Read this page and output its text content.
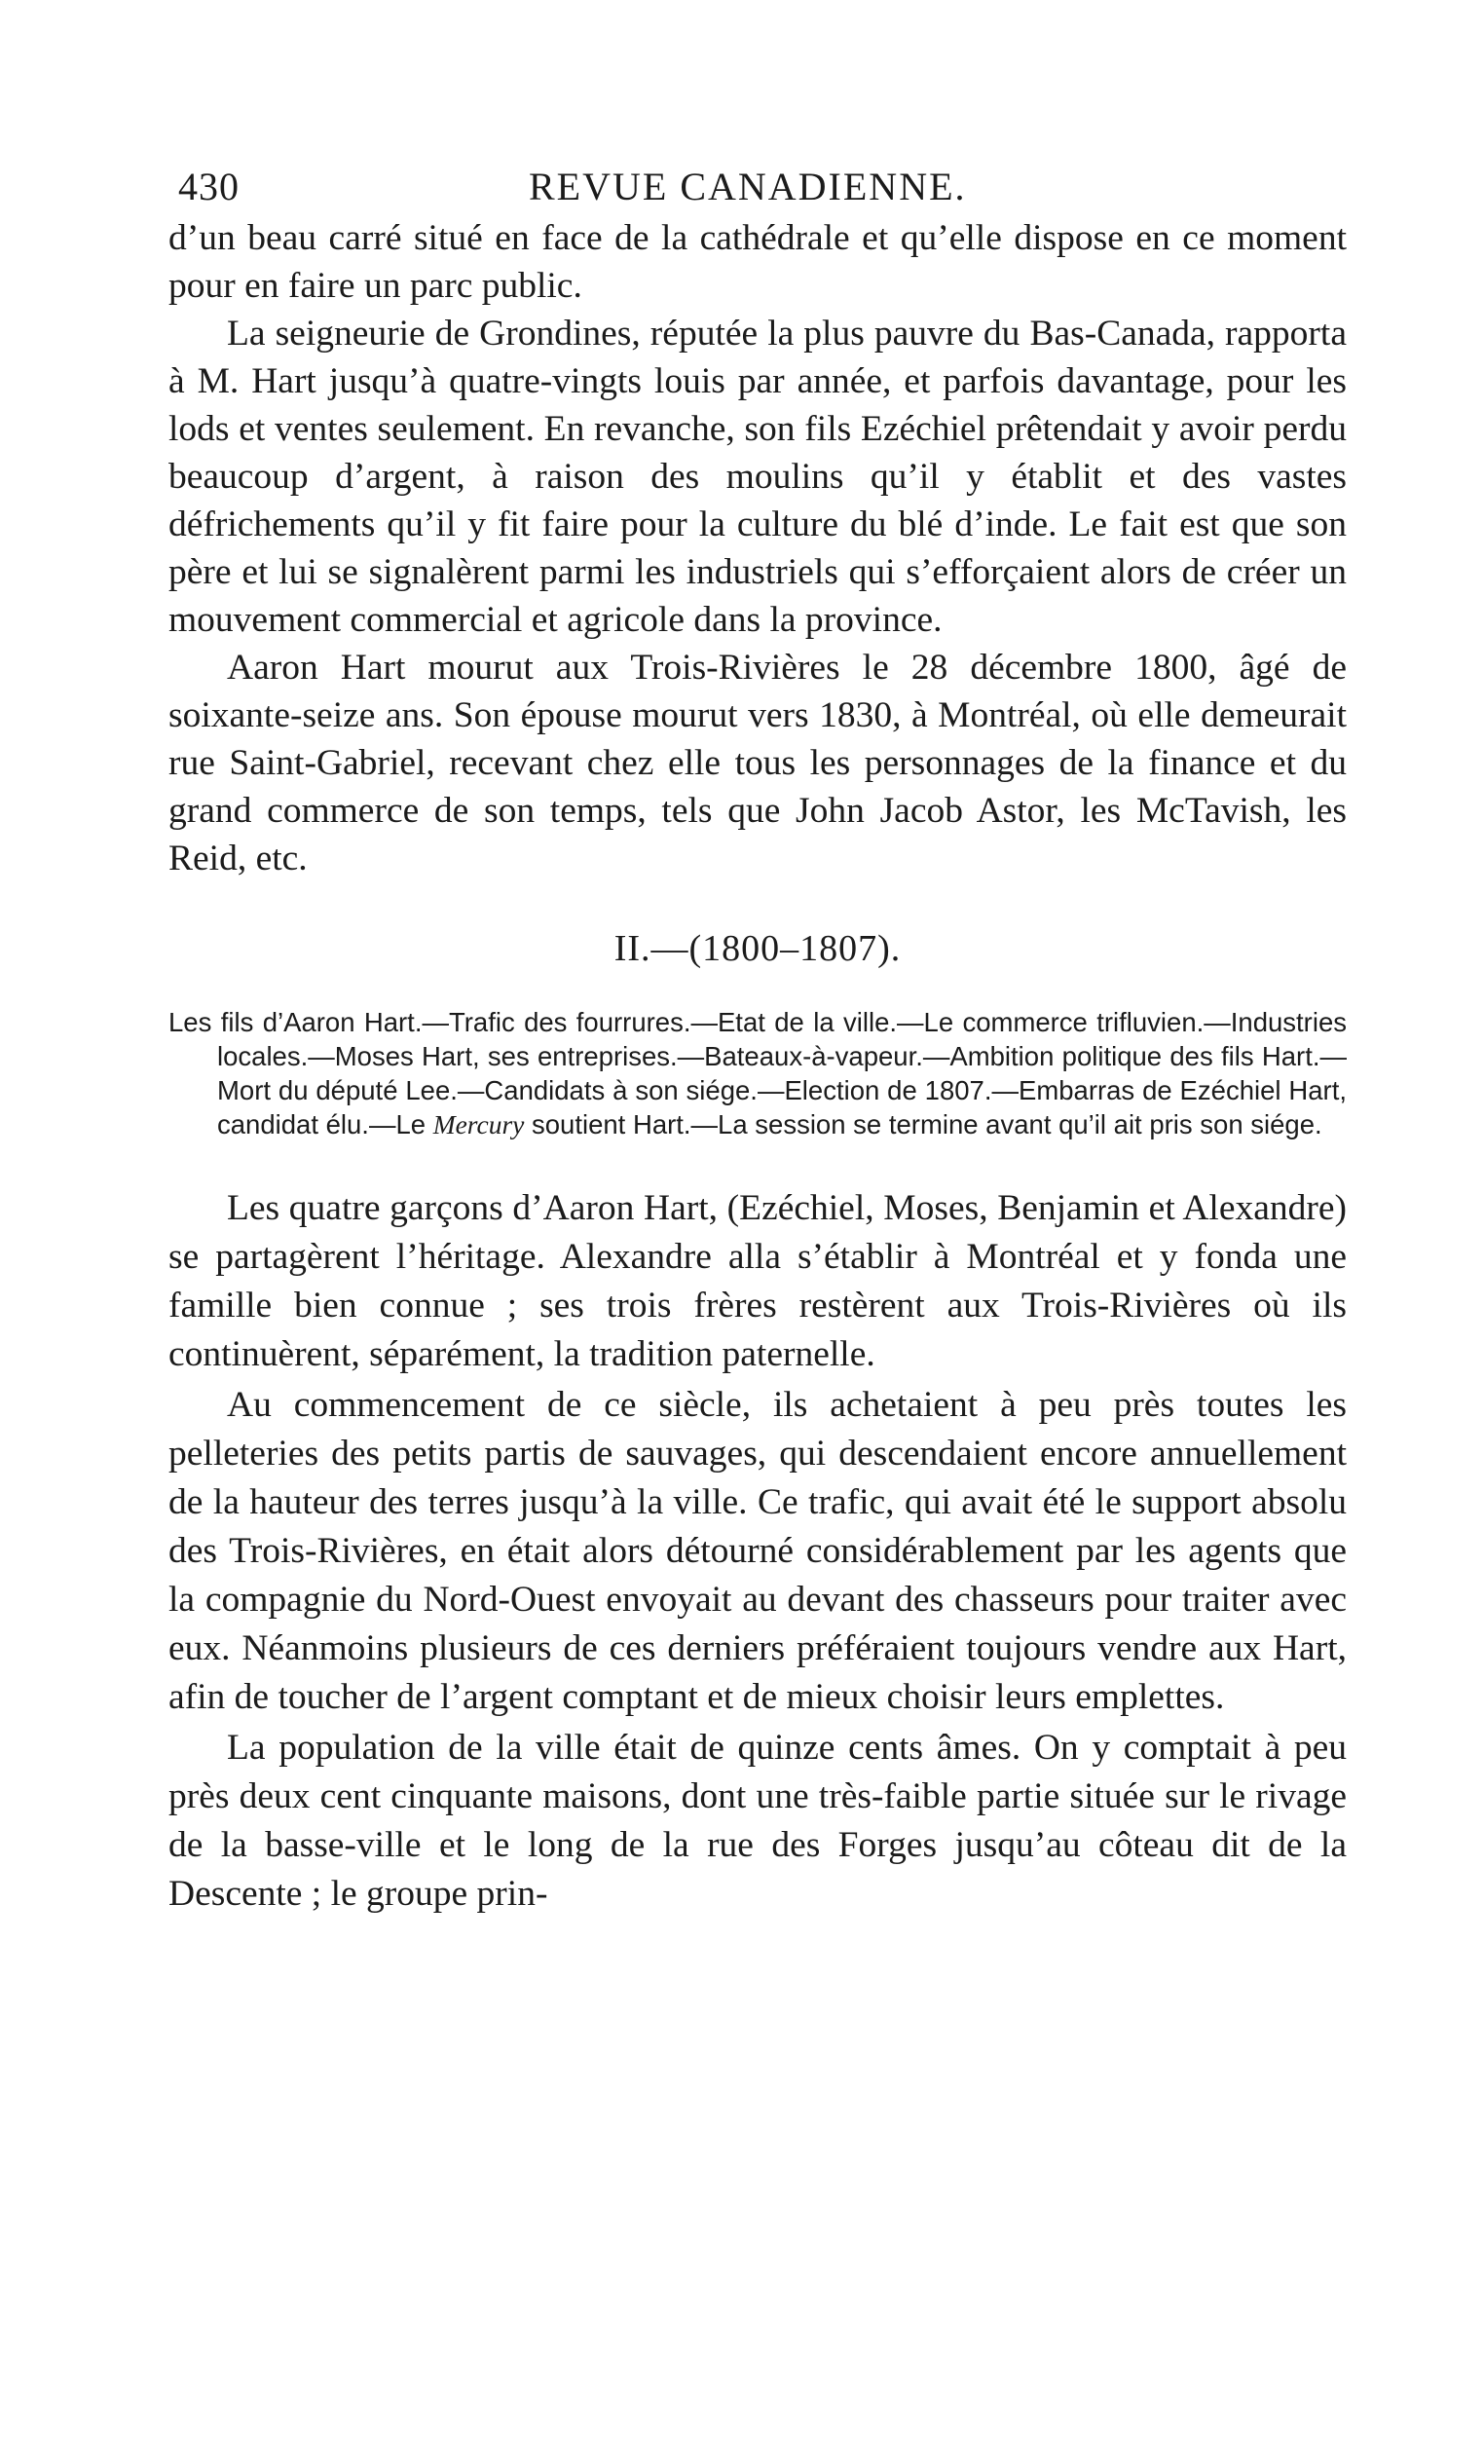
430	REVUE CANADIENNE.

d’un beau carré situé en face de la cathédrale et qu’elle dispose en ce moment pour en faire un parc public.

La seigneurie de Grondines, réputée la plus pauvre du Bas-Canada, rapporta à M. Hart jusqu’à quatre-vingts louis par année, et parfois davantage, pour les lods et ventes seulement. En revanche, son fils Ezéchiel prêtendait y avoir perdu beaucoup d’argent, à raison des moulins qu’il y établit et des vastes défrichements qu’il y fit faire pour la culture du blé d’inde. Le fait est que son père et lui se signalèrent parmi les industriels qui s’efforçaient alors de créer un mouvement commercial et agricole dans la province.

Aaron Hart mourut aux Trois-Rivières le 28 décembre 1800, âgé de soixante-seize ans. Son épouse mourut vers 1830, à Montréal, où elle demeurait rue Saint-Gabriel, recevant chez elle tous les personnages de la finance et du grand commerce de son temps, tels que John Jacob Astor, les McTavish, les Reid, etc.

II.—(1800–1807).
Les fils d’Aaron Hart.—Trafic des fourrures.—Etat de la ville.—Le commerce trifluvien.—Industries locales.—Moses Hart, ses entreprises.—Bateaux-à-vapeur.—Ambition politique des fils Hart.—Mort du député Lee.—Candidats à son siége.—Election de 1807.—Embarras de Ezéchiel Hart, candidat élu.—Le Mercury soutient Hart.—La session se termine avant qu’il ait pris son siége.

Les quatre garçons d’Aaron Hart, (Ezéchiel, Moses, Benjamin et Alexandre) se partagèrent l’héritage. Alexandre alla s’établir à Montréal et y fonda une famille bien connue ; ses trois frères restèrent aux Trois-Rivières où ils continuèrent, séparément, la tradition paternelle.

Au commencement de ce siècle, ils achetaient à peu près toutes les pelleteries des petits partis de sauvages, qui descendaient encore annuellement de la hauteur des terres jusqu’à la ville. Ce trafic, qui avait été le support absolu des Trois-Rivières, en était alors détourné considérablement par les agents que la compagnie du Nord-Ouest envoyait au devant des chasseurs pour traiter avec eux. Néanmoins plusieurs de ces derniers préféraient toujours vendre aux Hart, afin de toucher de l’argent comptant et de mieux choisir leurs emplettes.

La population de la ville était de quinze cents âmes. On y comptait à peu près deux cent cinquante maisons, dont une très-faible partie située sur le rivage de la basse-ville et le long de la rue des Forges jusqu’au côteau dit de la Descente ; le groupe prin-
